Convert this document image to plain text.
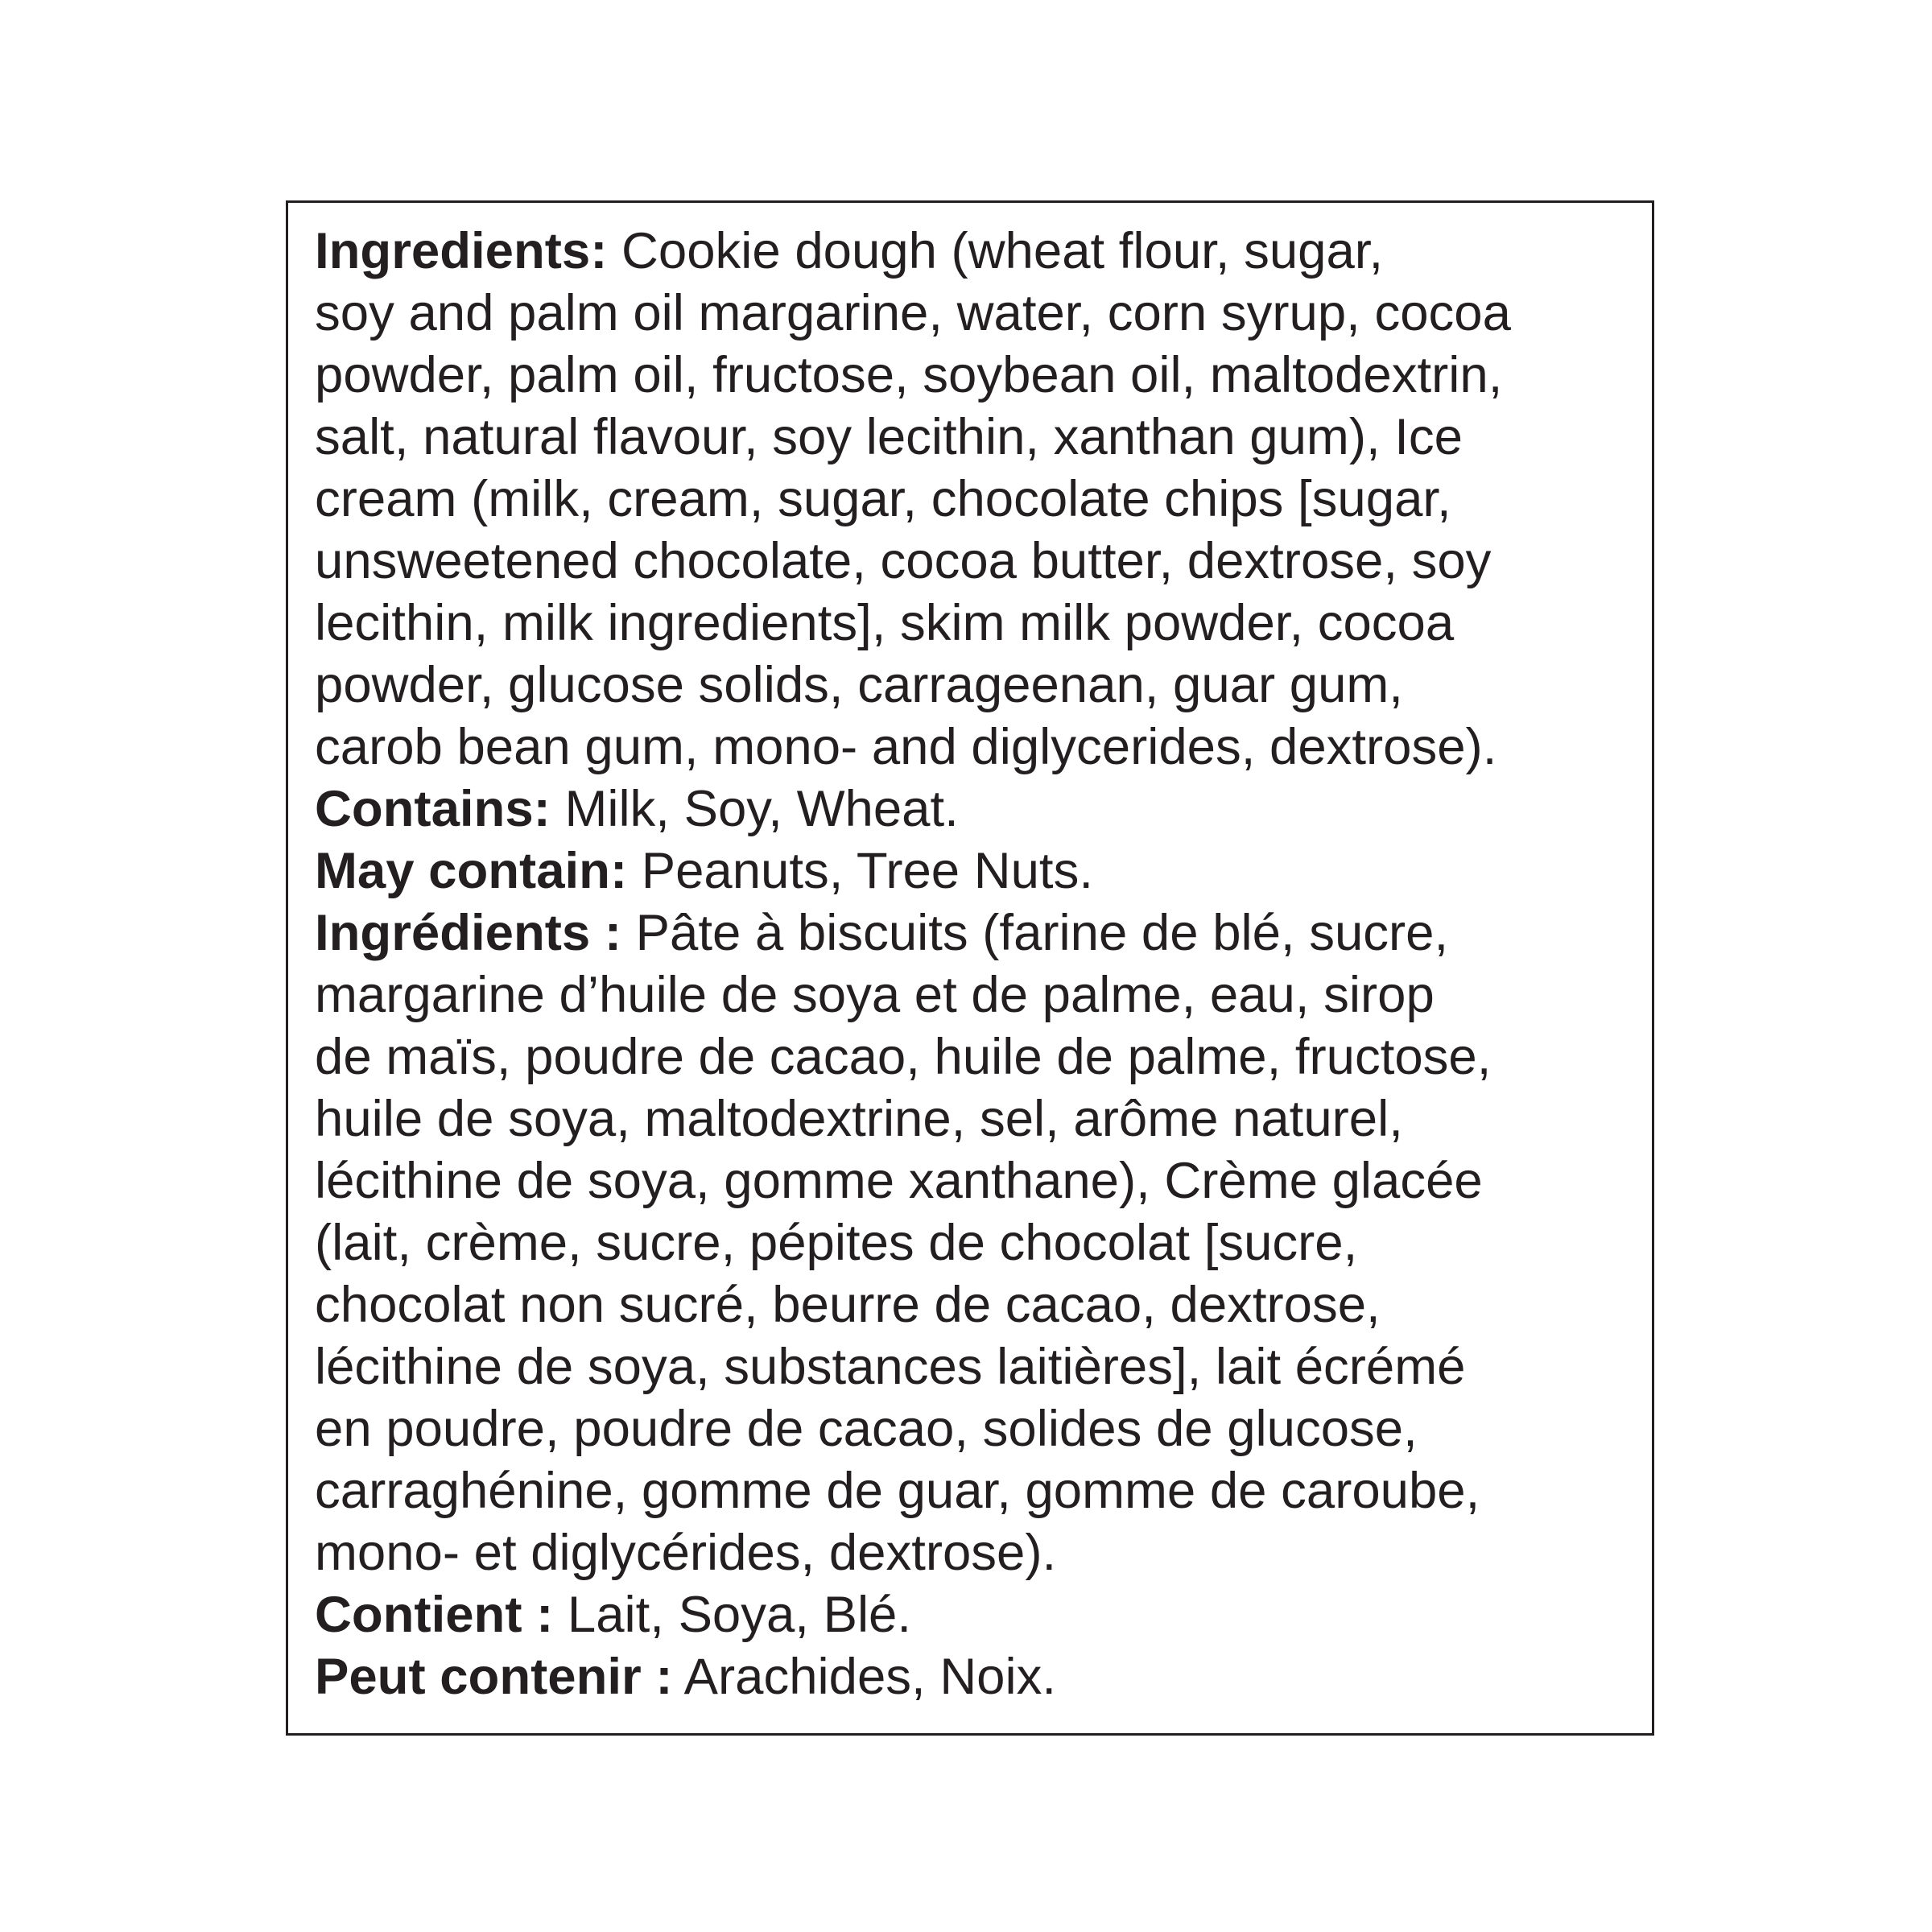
Ingredients: Cookie dough (wheat flour, sugar,
soy and palm oil margarine, water, corn syrup, cocoa
powder, palm oil, fructose, soybean oil, maltodextrin,
salt, natural flavour, soy lecithin, xanthan gum), Ice
cream (milk, cream, sugar, chocolate chips [sugar,
unsweetened chocolate, cocoa butter, dextrose, soy
lecithin, milk ingredients], skim milk powder, cocoa
powder, glucose solids, carrageenan, guar gum,
carob bean gum, mono- and diglycerides, dextrose).
Contains: Milk, Soy, Wheat.
May contain: Peanuts, Tree Nuts.
Ingrédients : Pâte à biscuits (farine de blé, sucre,
margarine d’huile de soya et de palme, eau, sirop
de maïs, poudre de cacao, huile de palme, fructose,
huile de soya, maltodextrine, sel, arôme naturel,
lécithine de soya, gomme xanthane), Crème glacée
(lait, crème, sucre, pépites de chocolat [sucre,
chocolat non sucré, beurre de cacao, dextrose,
lécithine de soya, substances laitières], lait écrémé
en poudre, poudre de cacao, solides de glucose,
carraghénine, gomme de guar, gomme de caroube,
mono- et diglycérides, dextrose).
Contient : Lait, Soya, Blé.
Peut contenir : Arachides, Noix.
